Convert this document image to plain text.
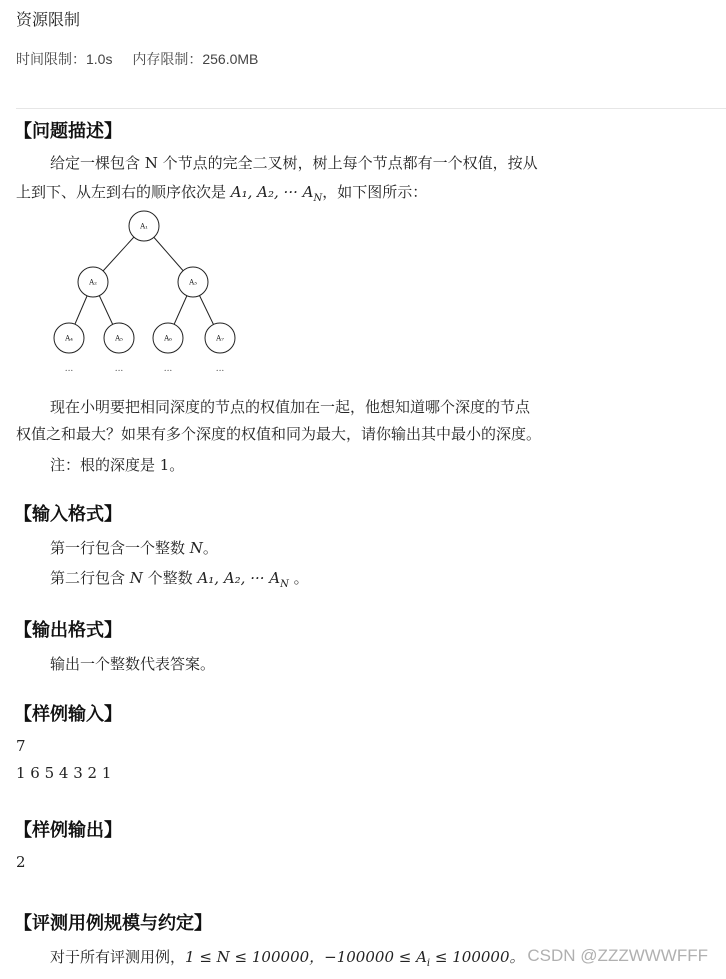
资源限制
时间限制：1.0s 内存限制：256.0MB
【问题描述】
给定一棵包含 N 个节点的完全二叉树，树上每个节点都有一个权值，按从
上到下、从左到右的顺序依次是 A₁, A₂, ··· $A_N$，如下图所示：
A₁
A₂	A₃
A₄	A₅	A₆	A₇
...	...	...	...
现在小明要把相同深度的节点的权值加在一起，他想知道哪个深度的节点
权值之和最大？如果有多个深度的权值和同为最大，请你输出其中最小的深度。
注：根的深度是 1。
【输入格式】
第一行包含一个整数 N。
第二行包含 N 个整数 A₁, A₂, ··· $A_N$ 。
【输出格式】
输出一个整数代表答案。
【样例输入】
7
1 6 5 4 3 2 1
【样例输出】
2
【评测用例规模与约定】
对于所有评测用例，1 ≤ N ≤ 100000，$-100000 \le A_i \le 100000$。 CSDN @ZZZWWWFFF
